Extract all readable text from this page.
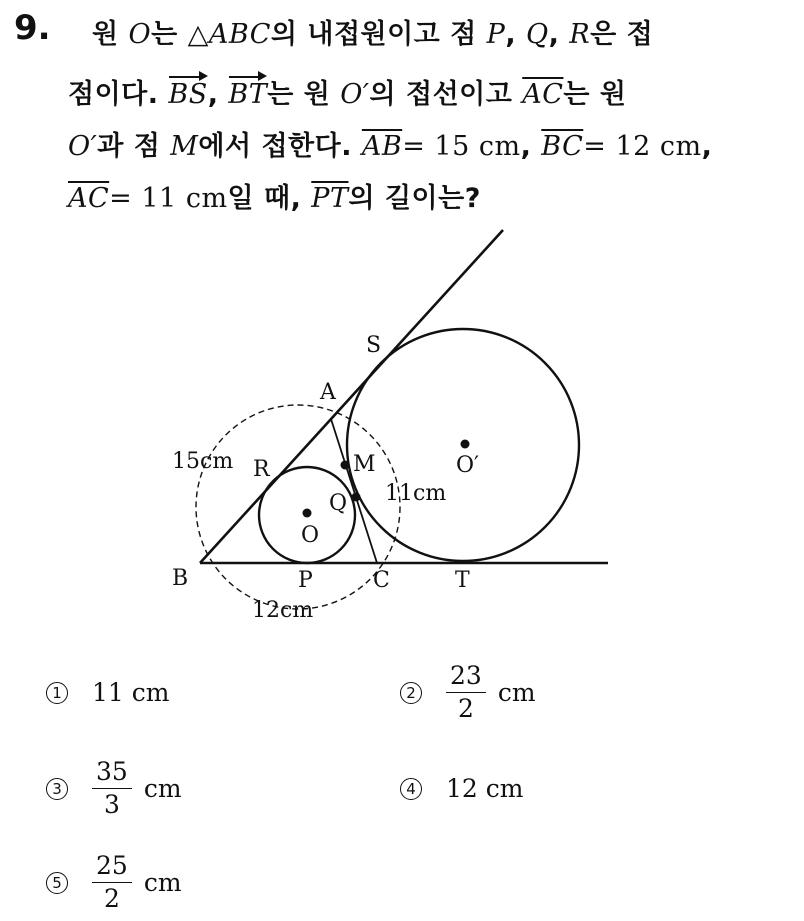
9. 원 O는 △ABC의 내접원이고 점 P, Q, R은 접
점이다. BS, BT는 원 O′의 접선이고 $\overline{AC}$는 원
O′과 점 M에서 접한다. $\overline{AB}= 15$ cm, $\overline{BC}= 12$ cm,
$\overline{AC}= 11$ cm일 때, $\overline{PT}$의 길이는?
S
A
R	M
Q
O
O′
B	P	C	T
15cm
11cm
12cm
1 11 cm	$2 \frac{23}{2}$ cm
$3 \frac{35}{3}$ cm	4 12 cm
$5 \frac{25}{2}$ cm
